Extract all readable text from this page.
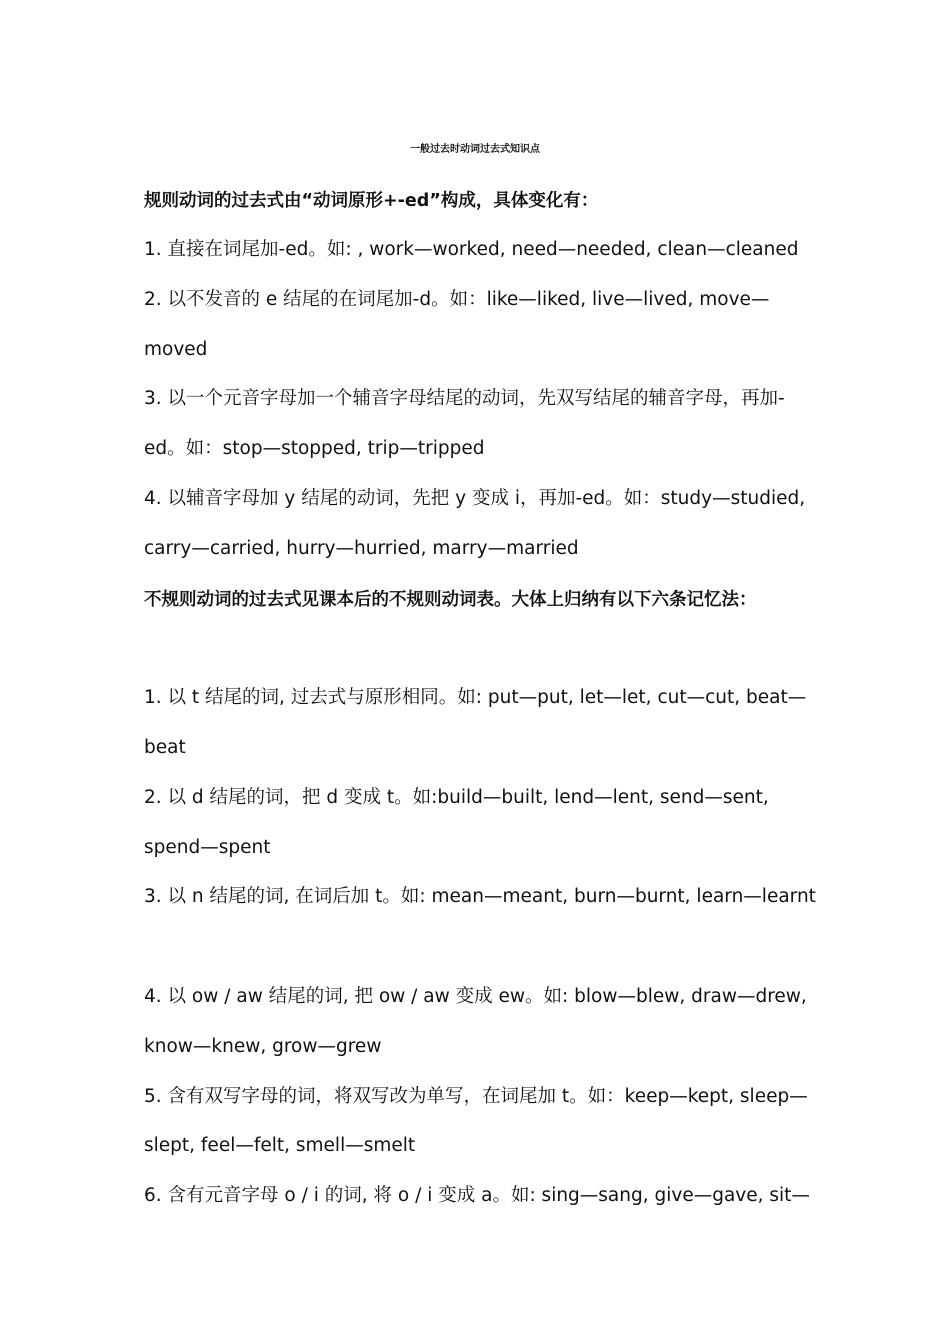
一般过去时动词过去式知识点
规则动词的过去式由“动词原形+-ed”构成，具体变化有：
1. 直接在词尾加-ed。如: , work—worked, need—needed, clean—cleaned
2. 以不发音的 e 结尾的在词尾加-d。如：like—liked, live—lived, move—
moved
3. 以一个元音字母加一个辅音字母结尾的动词，先双写结尾的辅音字母，再加-
ed。如：stop—stopped, trip—tripped
4. 以辅音字母加 y 结尾的动词，先把 y 变成 i，再加-ed。如：study—studied,
carry—carried, hurry—hurried, marry—married
不规则动词的过去式见课本后的不规则动词表。大体上归纳有以下六条记忆法：
1. 以 t 结尾的词, 过去式与原形相同。如: put—put, let—let, cut—cut, beat—
beat
2. 以 d 结尾的词，把 d 变成 t。如:build—built, lend—lent, send—sent,
spend—spent
3. 以 n 结尾的词, 在词后加 t。如: mean—meant, burn—burnt, learn—learnt
4. 以 ow / aw 结尾的词, 把 ow / aw 变成 ew。如: blow—blew, draw—drew,
know—knew, grow—grew
5. 含有双写字母的词，将双写改为单写，在词尾加 t。如：keep—kept, sleep—
slept, feel—felt, smell—smelt
6. 含有元音字母 o / i 的词, 将 o / i 变成 a。如: sing—sang, give—gave, sit—
